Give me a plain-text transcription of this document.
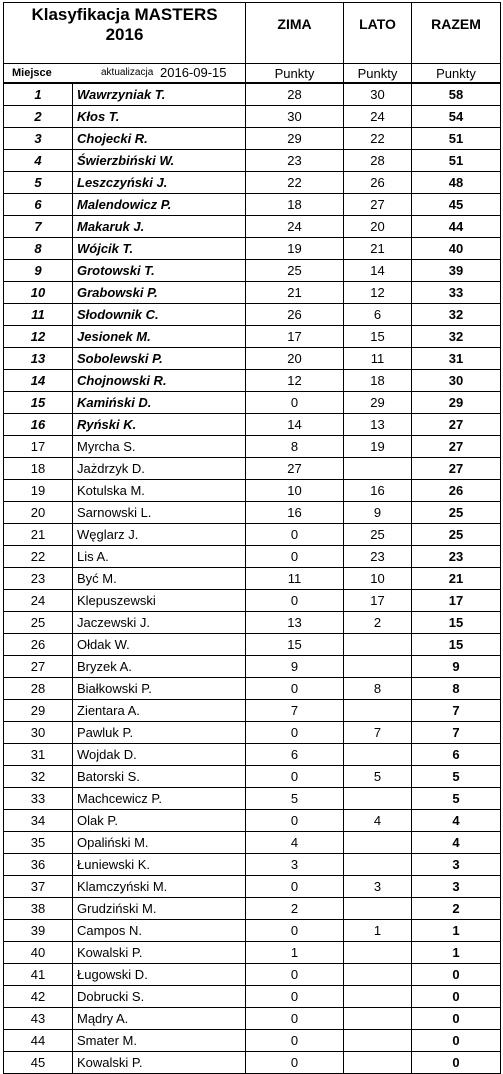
Klasyfikacja MASTERS
2016		ZIMA	LATO	RAZEM

Miejsce aktualizacja 2016-09-15		Punkty	Punkty	Punkty
1	Wawrzyniak T.	28	30	58
2	Kłos T.	30	24	54
3	Chojecki R.	29	22	51
4	Świerzbiński W.	23	28	51
5	Leszczyński J.	22	26	48
6	Malendowicz P.	18	27	45
7	Makaruk J.	24	20	44
8	Wójcik T.	19	21	40
9	Grotowski T.	25	14	39
10	Grabowski P.	21	12	33
11	Słodownik C.	26	6	32
12	Jesionek M.	17	15	32
13	Sobolewski P.	20	11	31
14	Chojnowski R.	12	18	30
15	Kamiński D.	0	29	29
16	Ryński K.	14	13	27
17	Myrcha S.	8	19	27
18	Jażdrzyk D.	27		27
19	Kotulska M.	10	16	26
20	Sarnowski L.	16	9	25
21	Węglarz J.	0	25	25
22	Lis A.	0	23	23
23	Być M.	11	10	21
24	Klepuszewski	0	17	17
25	Jaczewski J.	13	2	15
26	Ołdak W.	15		15
27	Bryzek A.	9		9
28	Białkowski P.	0	8	8
29	Zientara A.	7		7
30	Pawluk P.	0	7	7
31	Wojdak D.	6		6
32	Batorski S.	0	5	5
33	Machcewicz P.	5		5
34	Olak P.	0	4	4
35	Opaliński M.	4		4
36	Łuniewski K.	3		3
37	Klamczyński M.	0	3	3
38	Grudziński M.	2		2
39	Campos N.	0	1	1
40	Kowalski P.	1		1
41	Ługowski D.	0		0
42	Dobrucki S.	0		0
43	Mądry A.	0		0
44	Smater M.	0		0
45	Kowalski P.	0		0
